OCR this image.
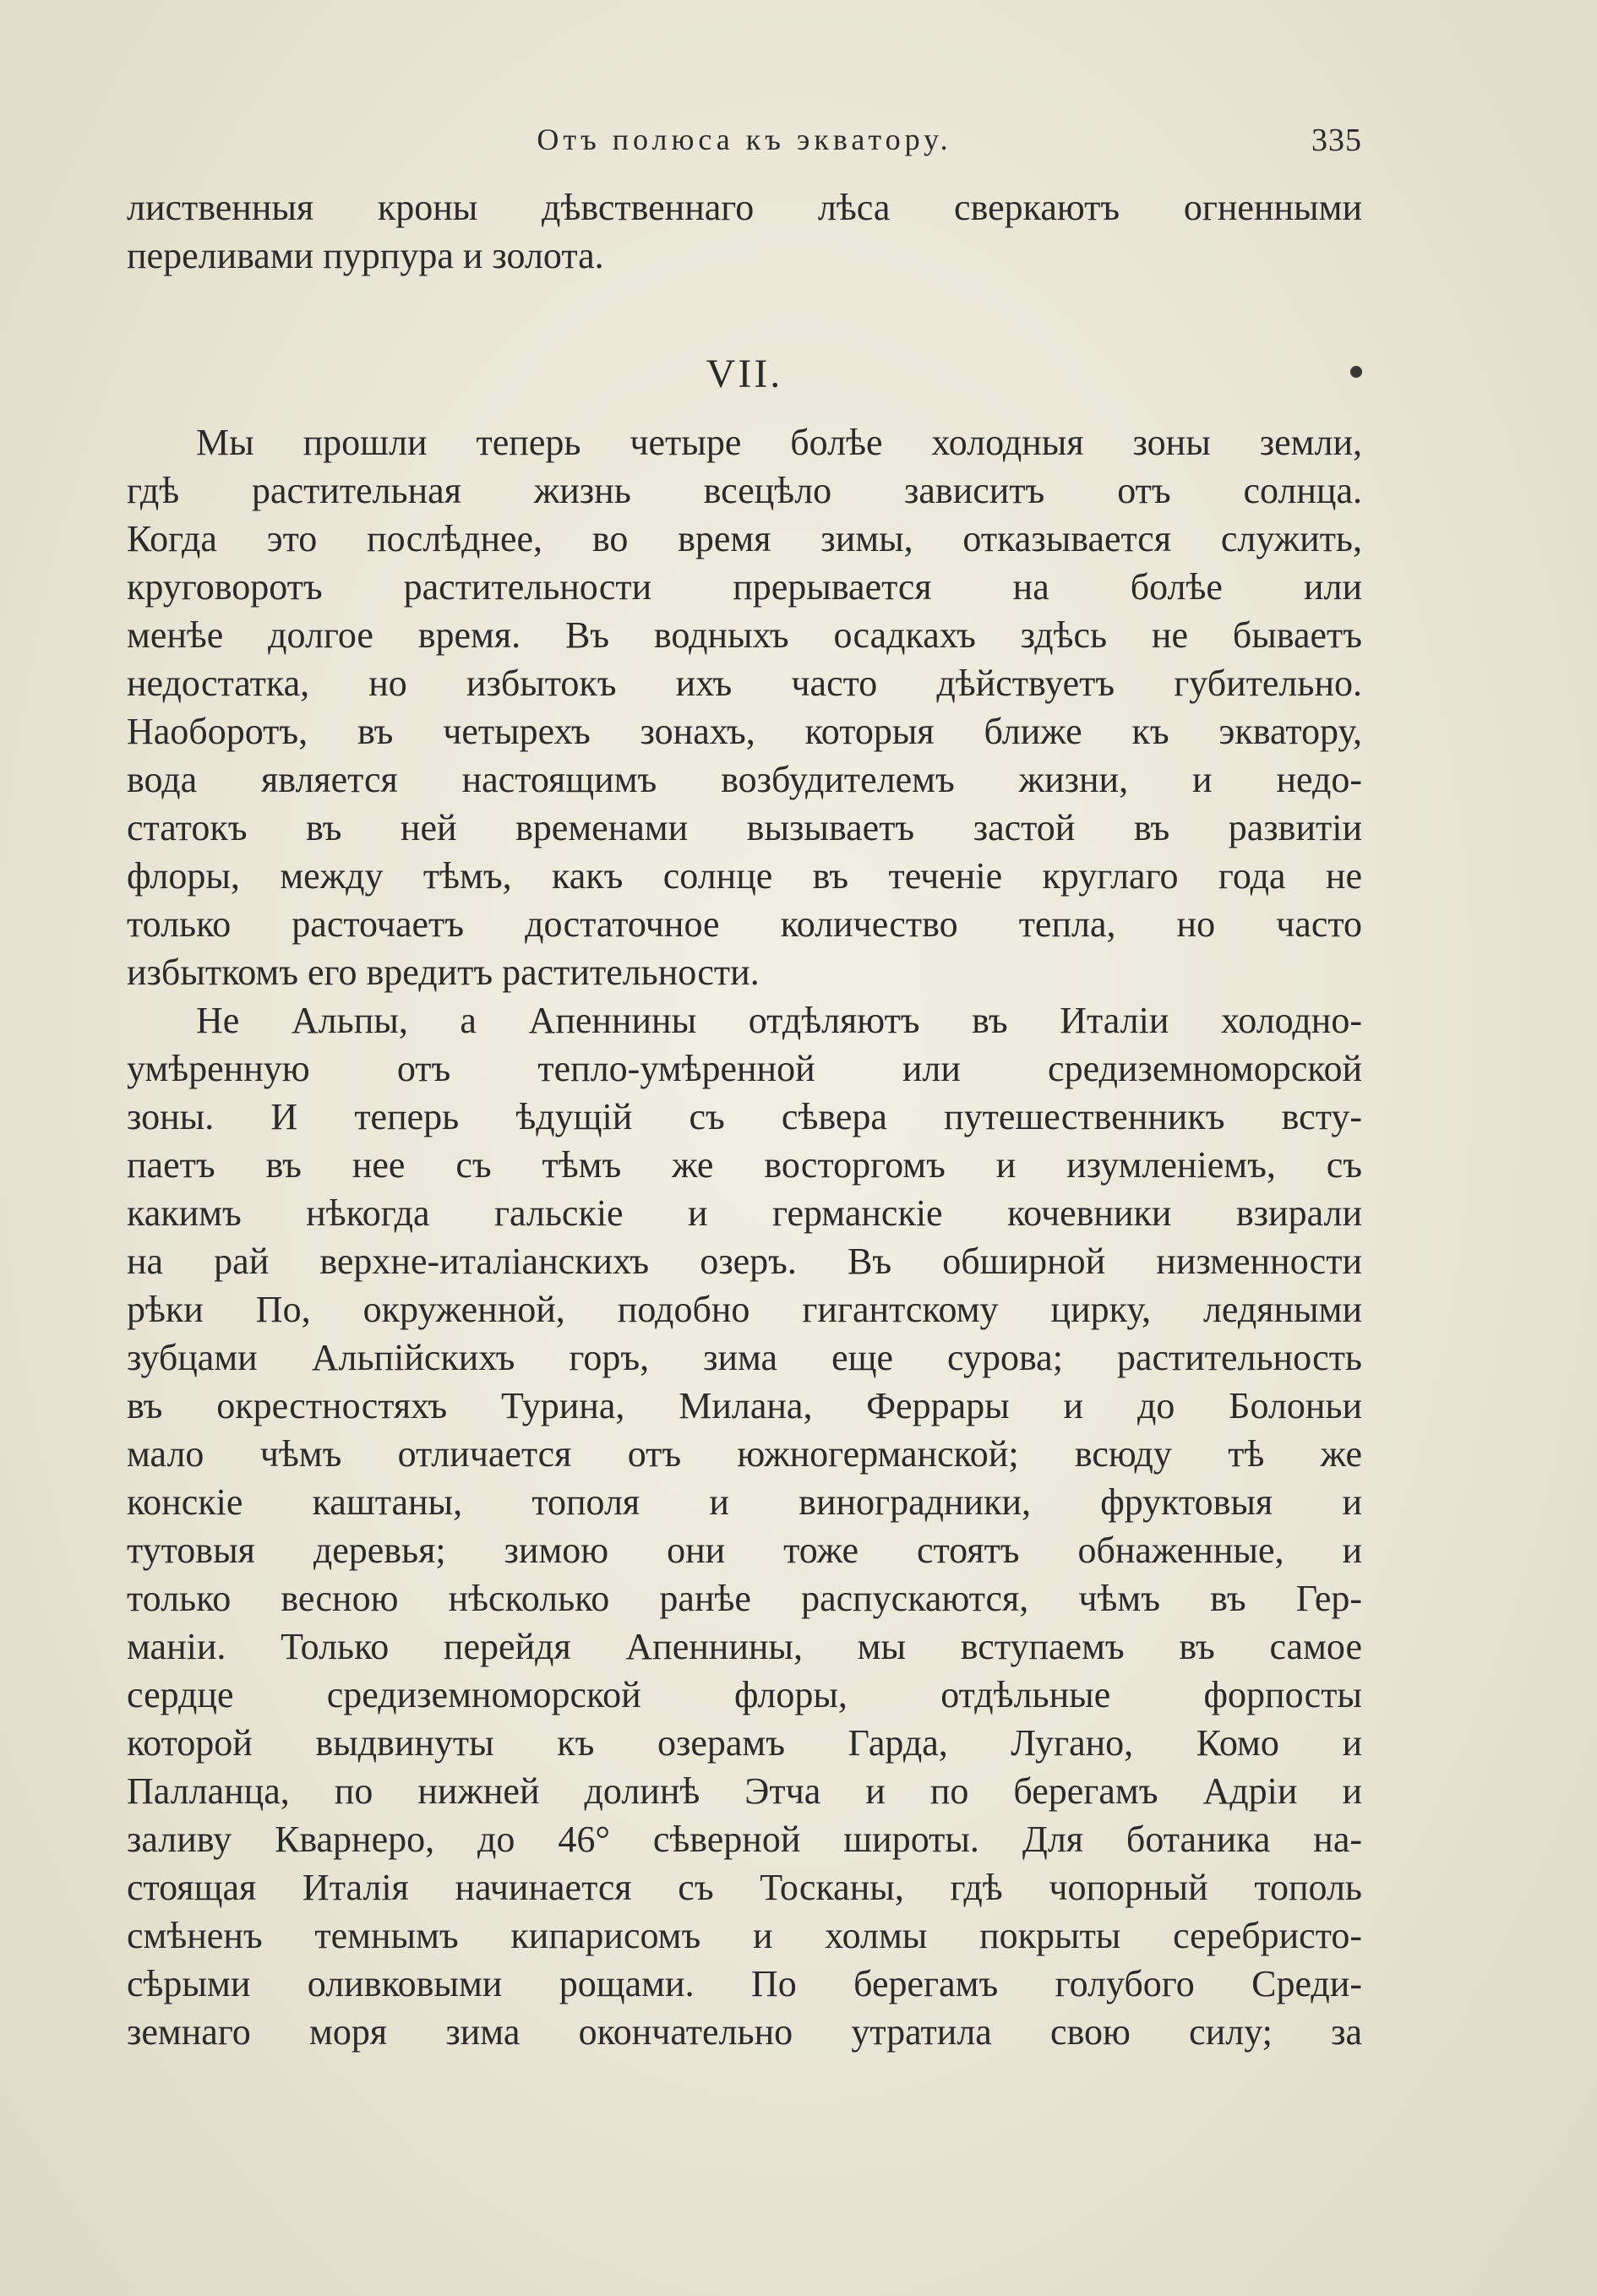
Отъ полюса къ экватору.	335
лиственныя кроны дѣвственнаго лѣса сверкаютъ огненными
переливами пурпура и золота.
VII.
Мы прошли теперь четыре болѣе холодныя зоны земли,
гдѣ растительная жизнь всецѣло зависитъ отъ солнца.
Когда это послѣднее, во время зимы, отказывается служить,
круговоротъ растительности прерывается на болѣе или
менѣе долгое время. Въ водныхъ осадкахъ здѣсь не бываетъ
недостатка, но избытокъ ихъ часто дѣйствуетъ губительно.
Наоборотъ, въ четырехъ зонахъ, которыя ближе къ экватору,
вода является настоящимъ возбудителемъ жизни, и недо-
статокъ въ ней временами вызываетъ застой въ развитіи
флоры, между тѣмъ, какъ солнце въ теченіе круглаго года не
только расточаетъ достаточное количество тепла, но часто
избыткомъ его вредитъ растительности.
Не Альпы, а Апеннины отдѣляютъ въ Италіи холодно-
умѣренную отъ тепло-умѣренной или средиземноморской
зоны. И теперь ѣдущій съ сѣвера путешественникъ всту-
паетъ въ нее съ тѣмъ же восторгомъ и изумленіемъ, съ
какимъ нѣкогда гальскіе и германскіе кочевники взирали
на рай верхне-италіанскихъ озеръ. Въ обширной низменности
рѣки По, окруженной, подобно гигантскому цирку, ледяными
зубцами Альпійскихъ горъ, зима еще сурова; растительность
въ окрестностяхъ Турина, Милана, Феррары и до Болоньи
мало чѣмъ отличается отъ южногерманской; всюду тѣ же
конскіе каштаны, тополя и виноградники, фруктовыя и
тутовыя деревья; зимою они тоже стоятъ обнаженные, и
только весною нѣсколько ранѣе распускаются, чѣмъ въ Гер-
маніи. Только перейдя Апеннины, мы вступаемъ въ самое
сердце средиземноморской флоры, отдѣльные форпосты
которой выдвинуты къ озерамъ Гарда, Лугано, Комо и
Палланца, по нижней долинѣ Этча и по берегамъ Адріи и
заливу Кварнеро, до 46° сѣверной широты. Для ботаника на-
стоящая Италія начинается съ Тосканы, гдѣ чопорный тополь
смѣненъ темнымъ кипарисомъ и холмы покрыты серебристо-
сѣрыми оливковыми рощами. По берегамъ голубого Среди-
земнаго моря зима окончательно утратила свою силу; за
